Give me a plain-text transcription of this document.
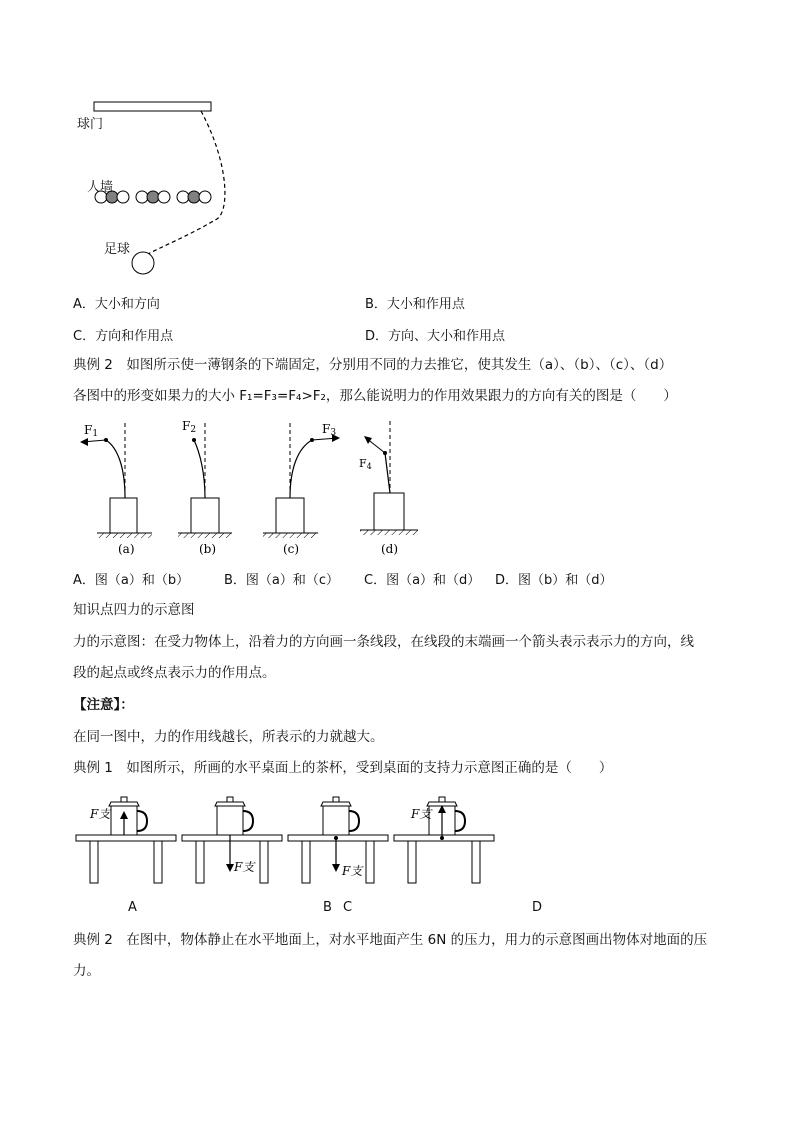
球门
人墙
足球
A．大小和方向	B．大小和作用点
C．方向和作用点	D．方向、大小和作用点
典例 2　如图所示使一薄钢条的下端固定，分别用不同的力去推它，使其发生（a）、（b）、（c）、（d）
各图中的形变如果力的大小 F₁=F₃=F₄>F₂，那么能说明力的作用效果跟力的方向有关的图是（　　）
F1
F2	F3
F4
(a)	(b)	(c)	(d)
A．图（a）和（b）	B．图（a）和（c） C．图（a）和（d） D．图（b）和（d）
知识点四力的示意图
力的示意图：在受力物体上，沿着力的方向画一条线段，在线段的末端画一个箭头表示表示力的方向，线
段的起点或终点表示力的作用点。
【注意】：
在同一图中，力的作用线越长，所表示的力就越大。
典例 1　如图所示，所画的水平桌面上的茶杯，受到桌面的支持力示意图正确的是（　　）
F支
F支	F支
F支
A	B C	D
典例 2　在图中，物体静止在水平地面上，对水平地面产生 6N 的压力，用力的示意图画出物体对地面的压
力。
